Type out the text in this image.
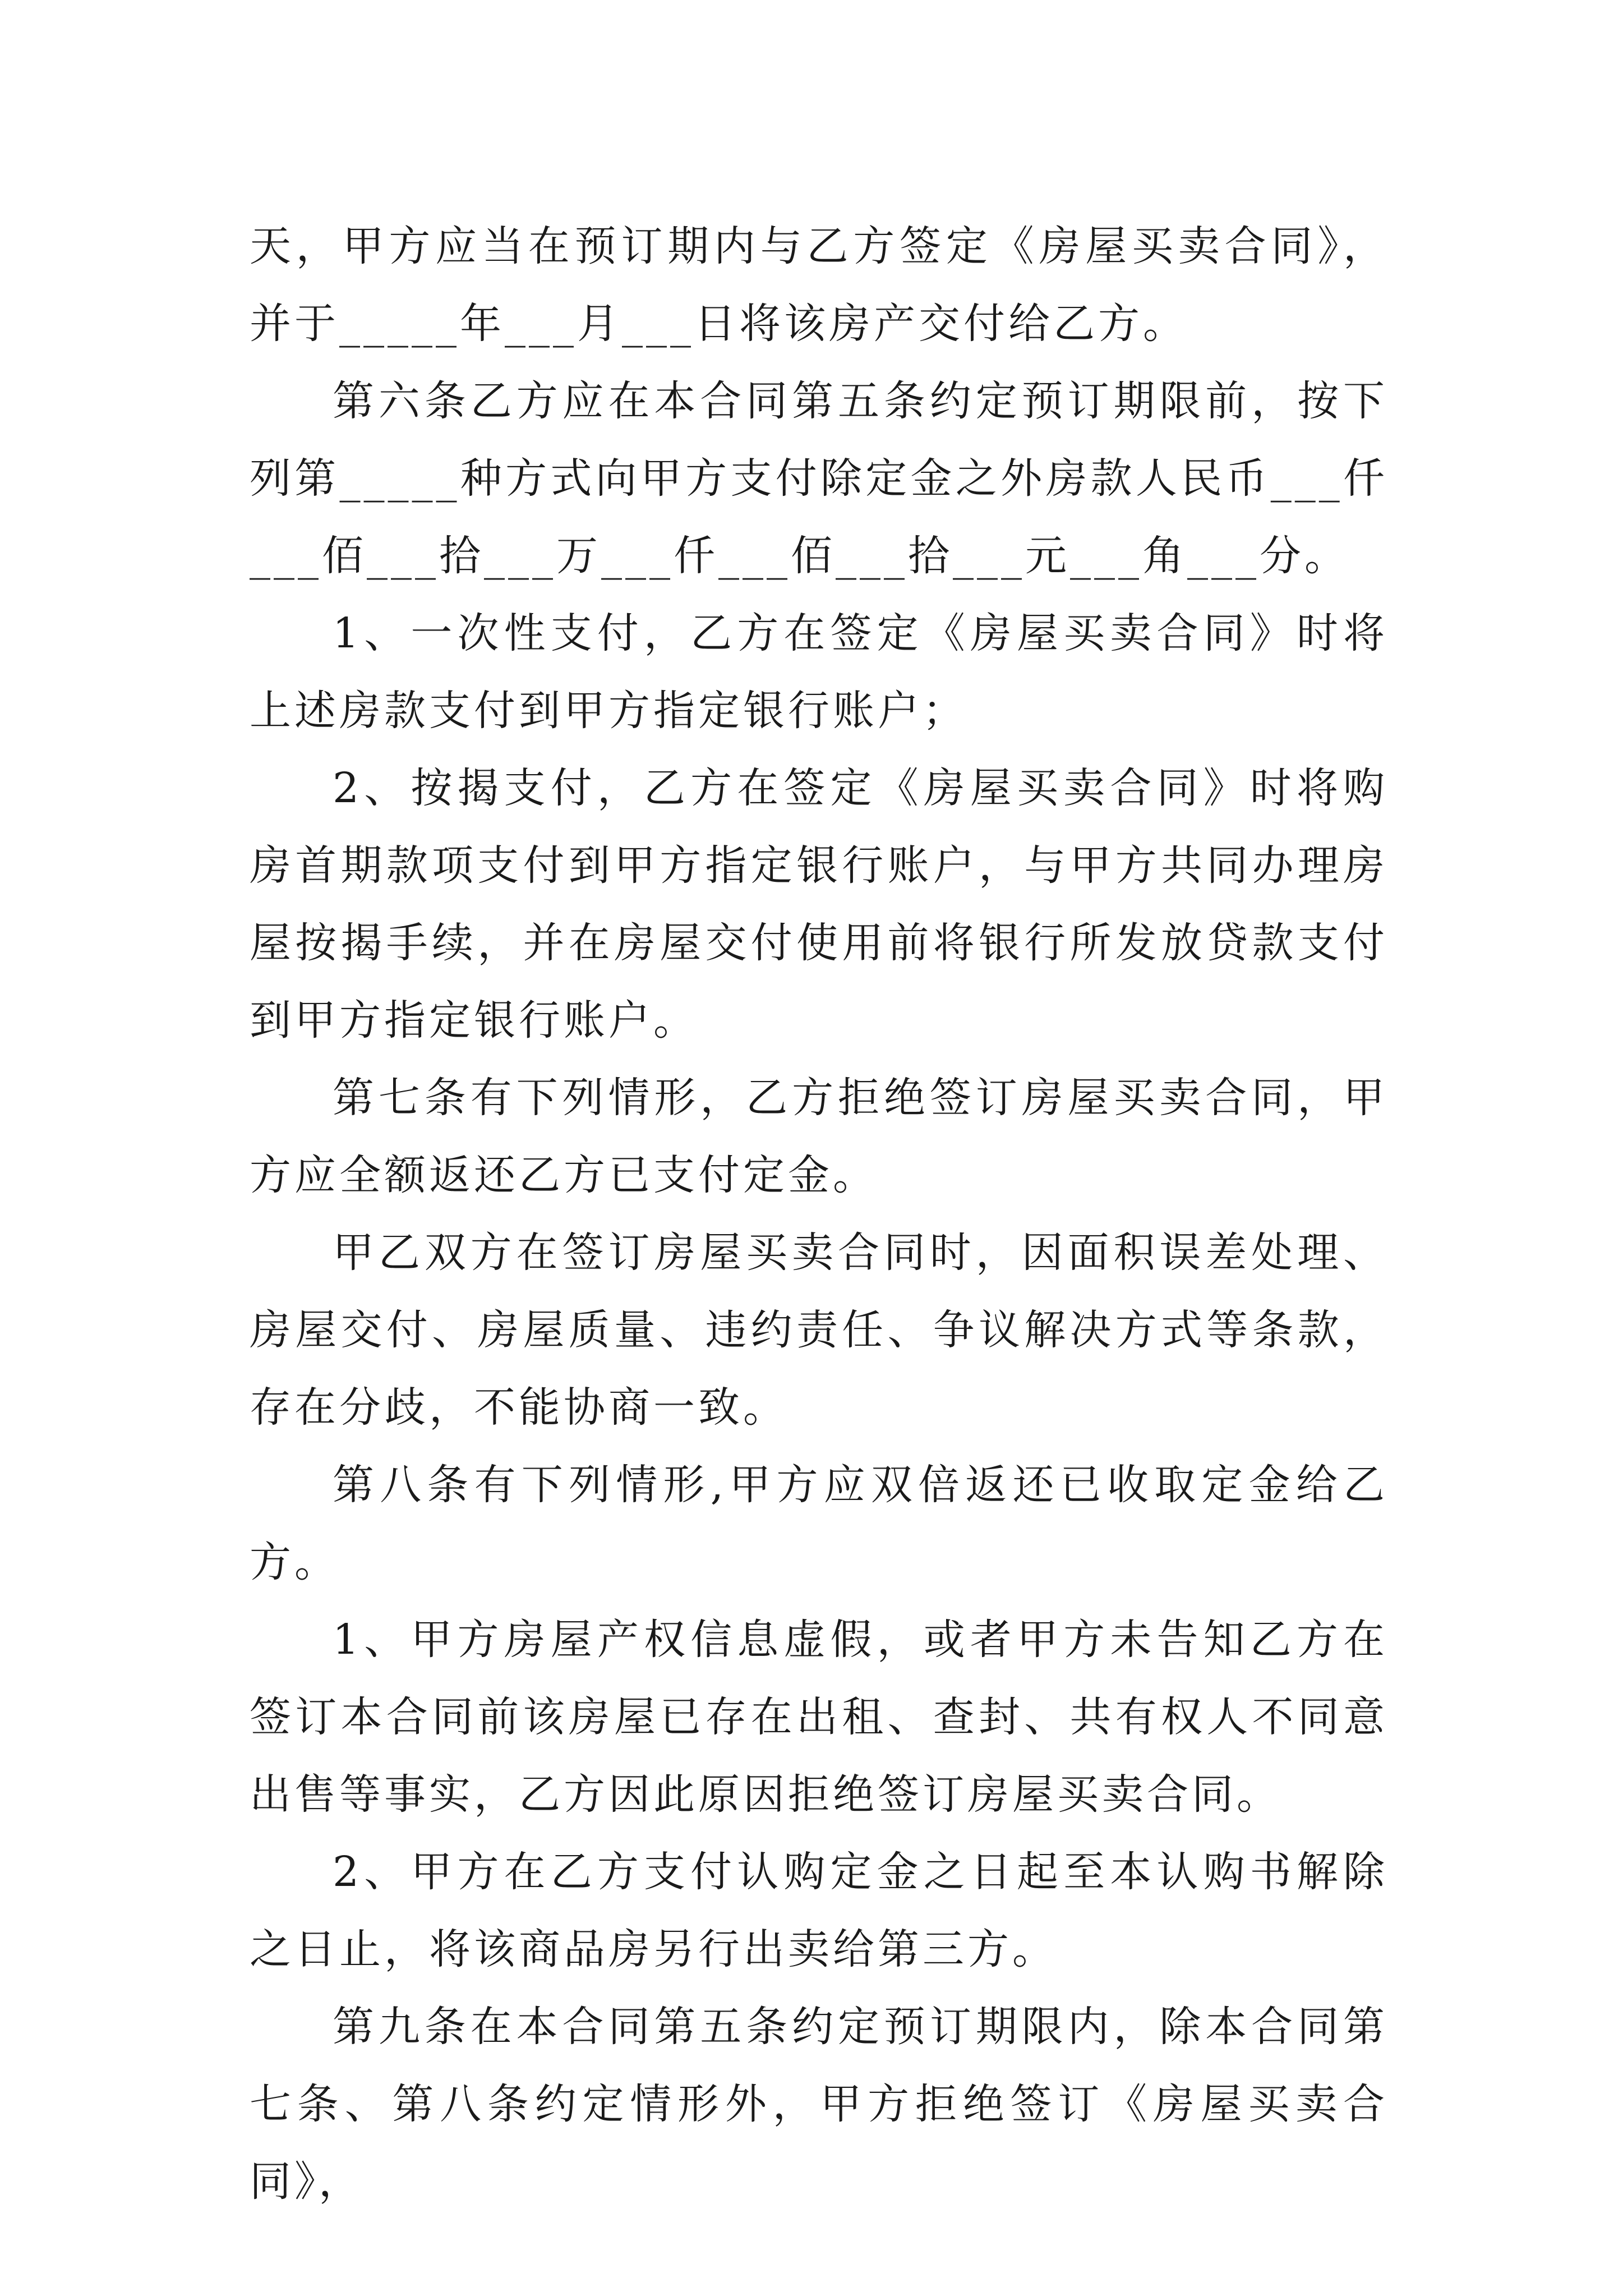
天，甲方应当在预订期内与乙方签定《房屋买卖合同》，并于_____年___月___日将该房产交付给乙方。

第六条乙方应在本合同第五条约定预订期限前，按下列第_____种方式向甲方支付除定金之外房款人民币___仟___佰___拾___万___仟___佰___拾___元___角___分。

1、一次性支付，乙方在签定《房屋买卖合同》时将上述房款支付到甲方指定银行账户；

2、按揭支付，乙方在签定《房屋买卖合同》时将购房首期款项支付到甲方指定银行账户，与甲方共同办理房屋按揭手续，并在房屋交付使用前将银行所发放贷款支付到甲方指定银行账户。

第七条有下列情形，乙方拒绝签订房屋买卖合同，甲方应全额返还乙方已支付定金。

甲乙双方在签订房屋买卖合同时，因面积误差处理、房屋交付、房屋质量、违约责任、争议解决方式等条款，存在分歧，不能协商一致。

第八条有下列情形,甲方应双倍返还已收取定金给乙方。

1、甲方房屋产权信息虚假，或者甲方未告知乙方在签订本合同前该房屋已存在出租、查封、共有权人不同意出售等事实，乙方因此原因拒绝签订房屋买卖合同。

2、甲方在乙方支付认购定金之日起至本认购书解除之日止，将该商品房另行出卖给第三方。

第九条在本合同第五条约定预订期限内，除本合同第七条、第八条约定情形外，甲方拒绝签订《房屋买卖合同》，
